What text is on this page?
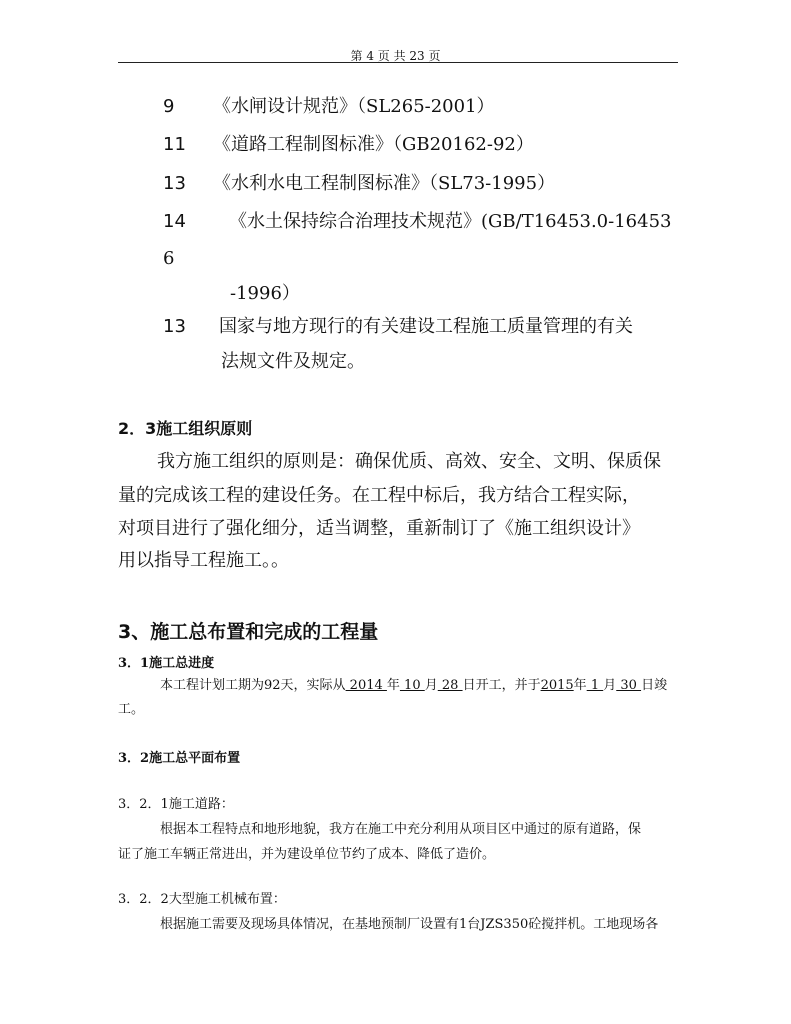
第 4 页 共 23 页
9 《水闸设计规范》（SL265-2001）
11 《道路工程制图标准》（GB20162-92）
13 《水利水电工程制图标准》（SL73-1995）
14 《水土保持综合治理技术规范》(GB/T16453.0-16453
6
-1996）
13 国家与地方现行的有关建设工程施工质量管理的有关
法规文件及规定。
2．3施工组织原则
我方施工组织的原则是：确保优质、高效、安全、文明、保质保
量的完成该工程的建设任务。在工程中标后，我方结合工程实际，
对项目进行了强化细分，适当调整，重新制订了《施工组织设计》
用以指导工程施工。。
3、施工总布置和完成的工程量
3．1施工总进度
本工程计划工期为92天，实际从 2014 年 10 月 28 日开工，并于2015年 1 月 30 日竣
工。
3．2施工总平面布置
3．2．1施工道路：
根据本工程特点和地形地貌，我方在施工中充分利用从项目区中通过的原有道路，保
证了施工车辆正常进出，并为建设单位节约了成本、降低了造价。
3．2．2大型施工机械布置：
根据施工需要及现场具体情况，在基地预制厂设置有1台JZS350砼搅拌机。工地现场各
